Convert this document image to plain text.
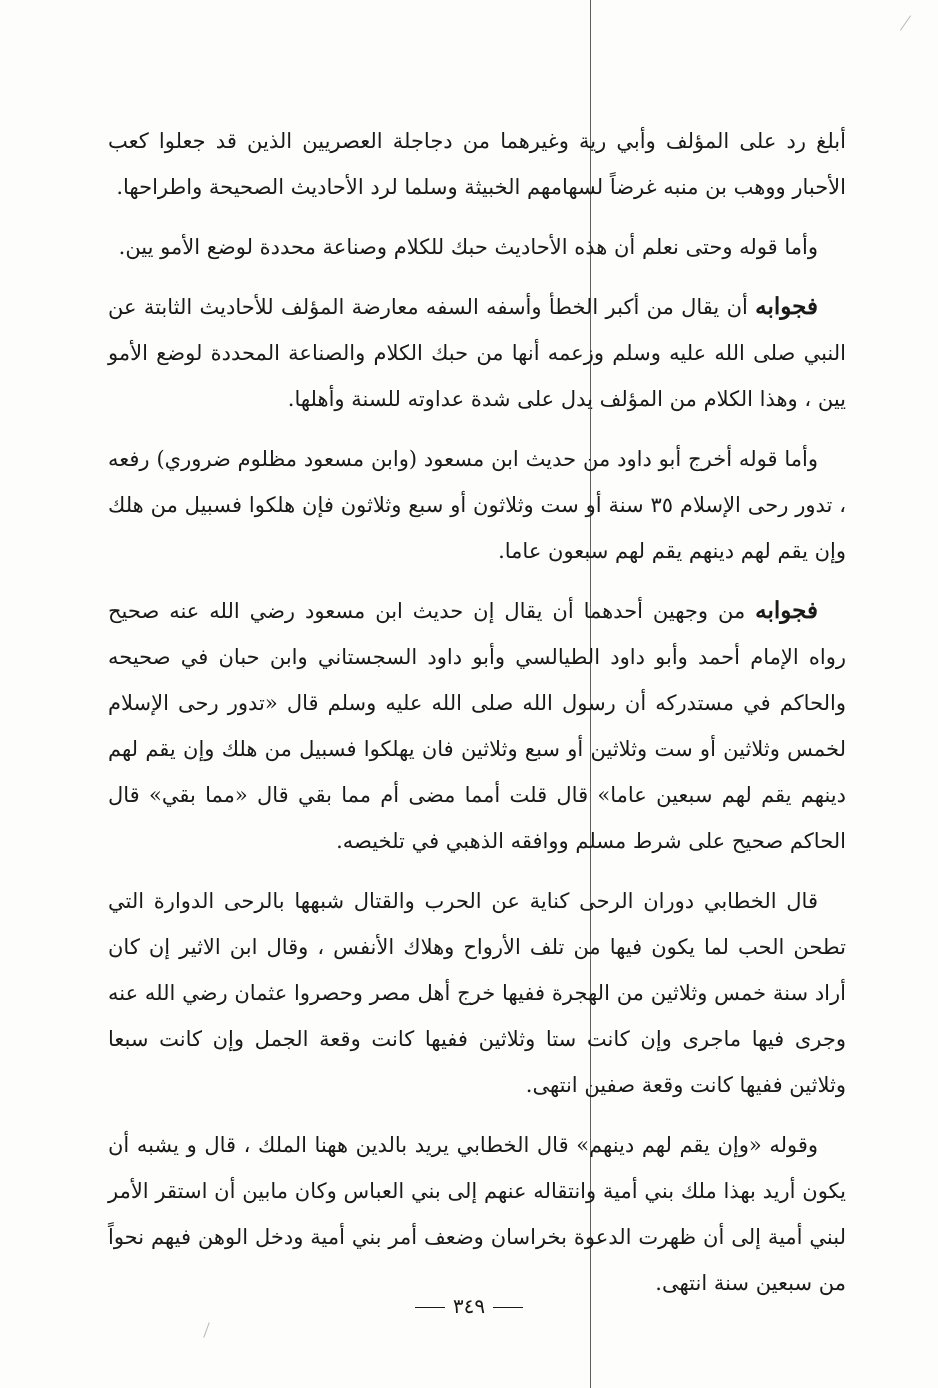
أبلغ رد على المؤلف وأبي رية وغيرهما من دجاجلة العصريين الذين قد جعلوا كعب الأحبار ووهب بن منبه غرضاً لسهامهم الخبيثة وسلما لرد الأحاديث الصحيحة واطراحها.

وأما قوله وحتى نعلم أن هذه الأحاديث حبك للكلام وصناعة محددة لوضع الأمو يين.

فجوابه أن يقال من أكبر الخطأ وأسفه السفه معارضة المؤلف للأحاديث الثابتة عن النبي صلى الله عليه وسلم وزعمه أنها من حبك الكلام والصناعة المحددة لوضع الأمو يين ، وهذا الكلام من المؤلف يدل على شدة عداوته للسنة وأهلها.

وأما قوله أخرج أبو داود من حديث ابن مسعود (وابن مسعود مظلوم ضروري) رفعه ، تدور رحى الإسلام ٣٥ سنة أو ست وثلاثون أو سبع وثلاثون فإن هلكوا فسبيل من هلك وإن يقم لهم دينهم يقم لهم سبعون عاما.

فجوابه من وجهين أحدهما أن يقال إن حديث ابن مسعود رضي الله عنه صحيح رواه الإمام أحمد وأبو داود الطيالسي وأبو داود السجستاني وابن حبان في صحيحه والحاكم في مستدركه أن رسول الله صلى الله عليه وسلم قال «تدور رحى الإسلام لخمس وثلاثين أو ست وثلاثين أو سبع وثلاثين فان يهلكوا فسبيل من هلك وإن يقم لهم دينهم يقم لهم سبعين عاما» قال قلت أمما مضى أم مما بقي قال «مما بقي» قال الحاكم صحيح على شرط مسلم ووافقه الذهبي في تلخيصه.

قال الخطابي دوران الرحى كناية عن الحرب والقتال شبهها بالرحى الدوارة التي تطحن الحب لما يكون فيها من تلف الأرواح وهلاك الأنفس ، وقال ابن الاثير إن كان أراد سنة خمس وثلاثين من الهجرة ففيها خرج أهل مصر وحصروا عثمان رضي الله عنه وجرى فيها ماجرى وإن كانت ستا وثلاثين ففيها كانت وقعة الجمل وإن كانت سبعا وثلاثين ففيها كانت وقعة صفين انتهى.

وقوله «وإن يقم لهم دينهم» قال الخطابي يريد بالدين ههنا الملك ، قال و يشبه أن يكون أريد بهذا ملك بني أمية وانتقاله عنهم إلى بني العباس وكان مابين أن استقر الأمر لبني أمية إلى أن ظهرت الدعوة بخراسان وضعف أمر بني أمية ودخل الوهن فيهم نحواً من سبعين سنة انتهى.

٣٤٩
